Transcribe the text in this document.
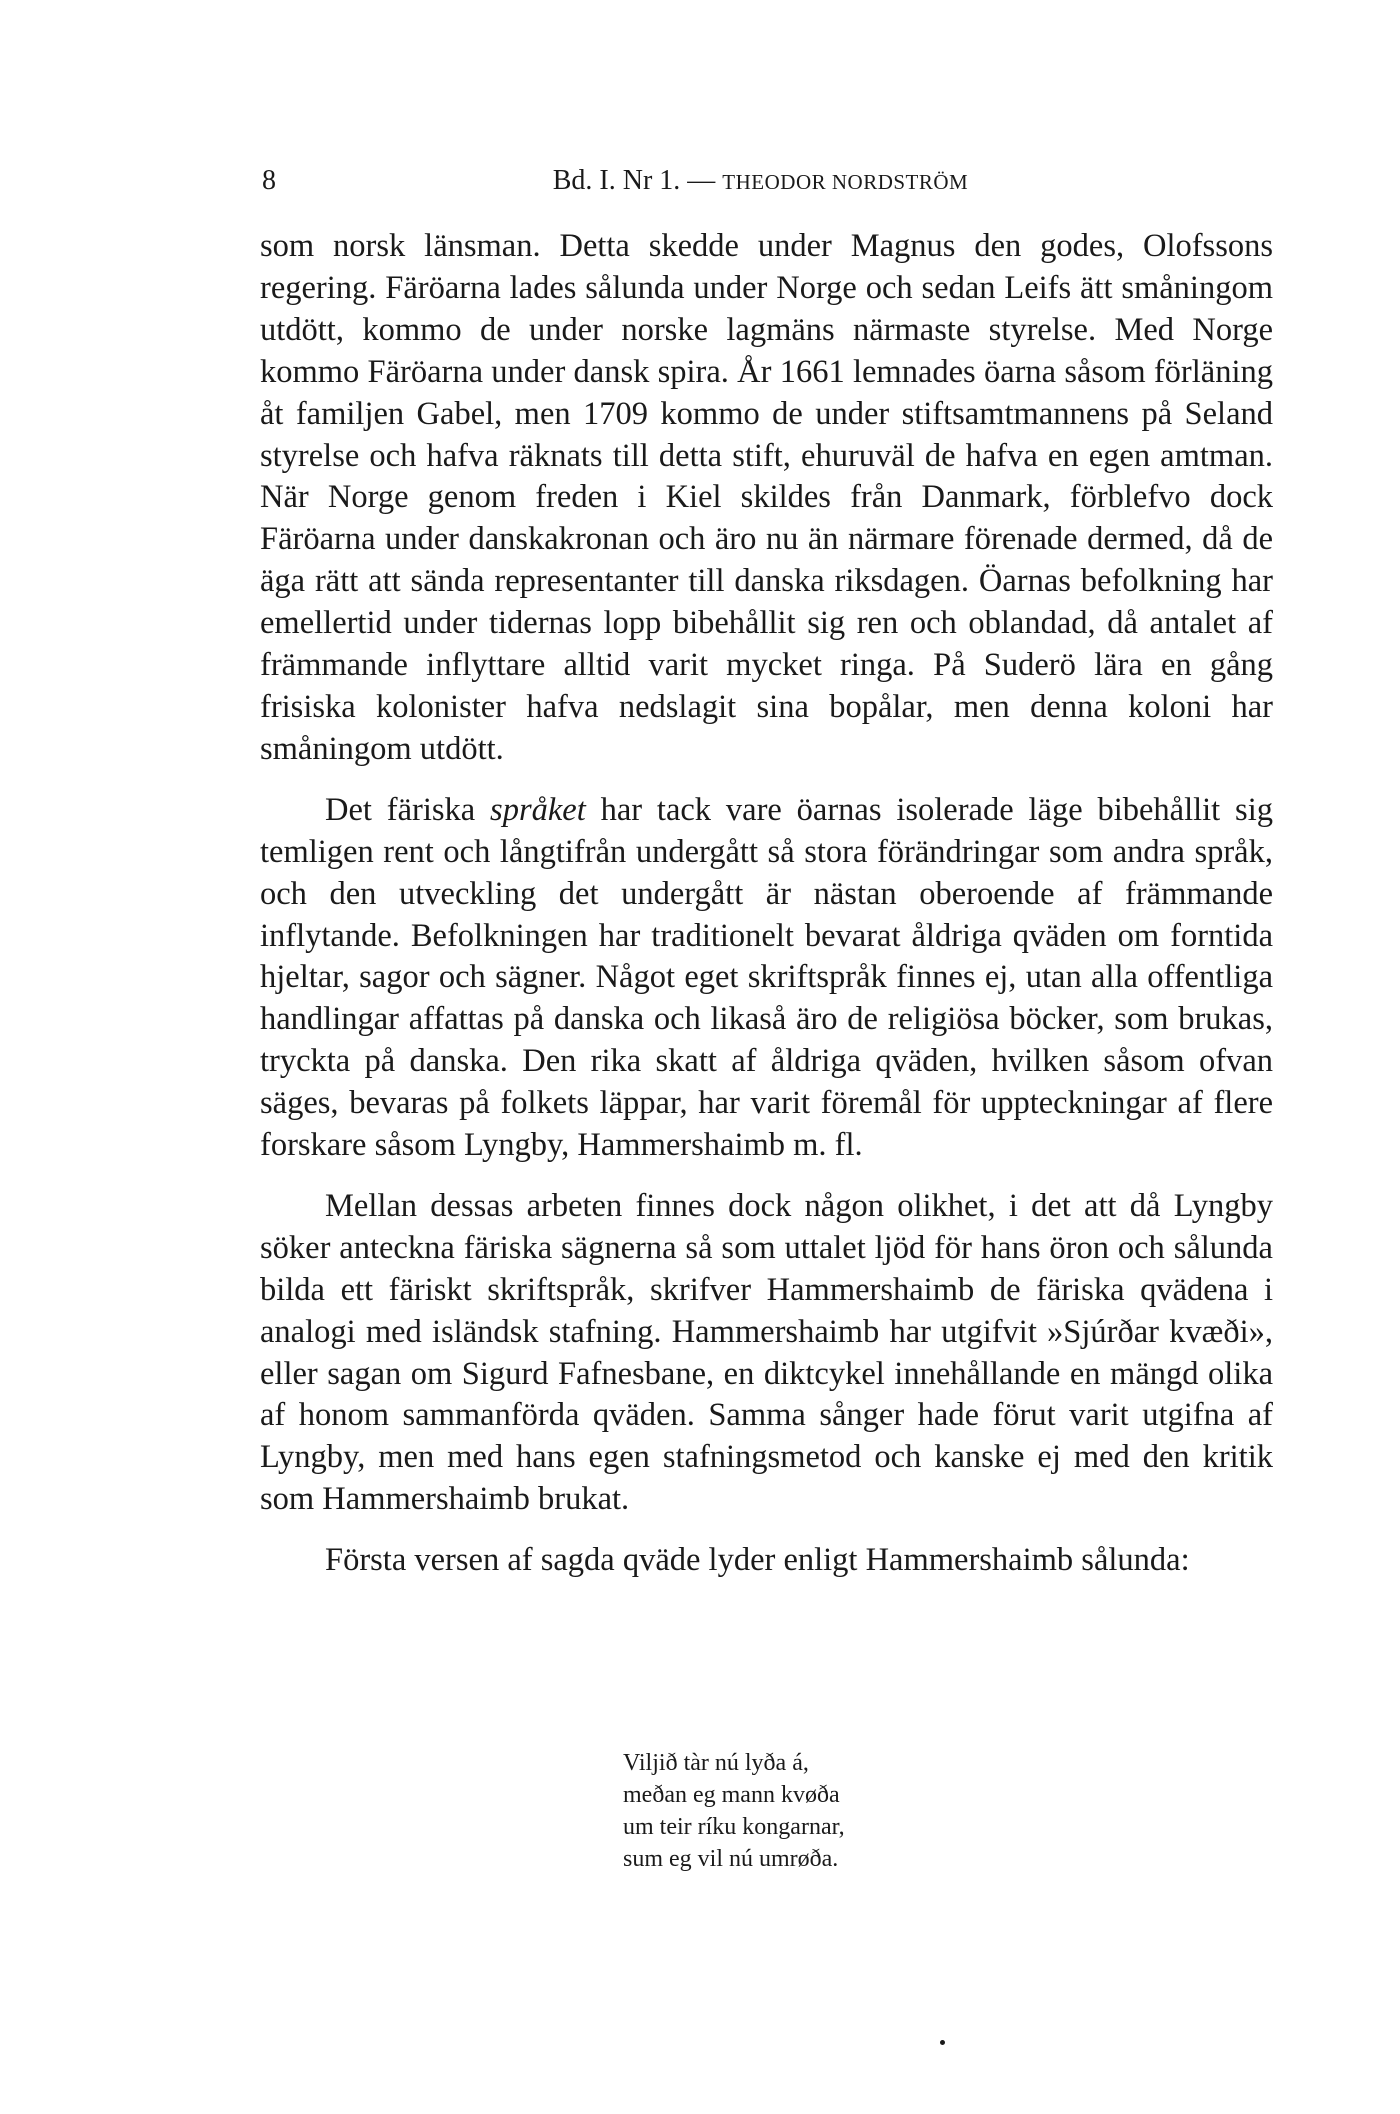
8	Bd. I. Nr 1. — THEODOR NORDSTRÖM

som norsk länsman. Detta skedde under Magnus den godes, Olofssons regering. Färöarna lades sålunda under Norge och sedan Leifs ätt småningom utdött, kommo de under norske lagmäns närmaste styrelse. Med Norge kommo Färöarna under dansk spira. År 1661 lemnades öarna såsom förläning åt familjen Gabel, men 1709 kommo de under stiftsamtmannens på Seland styrelse och hafva räknats till detta stift, ehuruväl de hafva en egen amtman. När Norge genom freden i Kiel skildes från Danmark, förblefvo dock Färöarna under danskakronan och äro nu än närmare förenade dermed, då de äga rätt att sända representanter till danska riksdagen. Öarnas befolkning har emellertid under tidernas lopp bibehållit sig ren och oblandad, då antalet af främmande inflyttare alltid varit mycket ringa. På Suderö lära en gång frisiska kolonister hafva nedslagit sina bopålar, men denna koloni har småningom utdött.

Det färiska språket har tack vare öarnas isolerade läge bibehållit sig temligen rent och långtifrån undergått så stora förändringar som andra språk, och den utveckling det undergått är nästan oberoende af främmande inflytande. Befolkningen har traditionelt bevarat åldriga qväden om forntida hjeltar, sagor och sägner. Något eget skriftspråk finnes ej, utan alla offentliga handlingar affattas på danska och likaså äro de religiösa böcker, som brukas, tryckta på danska. Den rika skatt af åldriga qväden, hvilken såsom ofvan säges, bevaras på folkets läppar, har varit föremål för uppteckningar af flere forskare såsom Lyngby, Hammershaimb m. fl.

Mellan dessas arbeten finnes dock någon olikhet, i det att då Lyngby söker anteckna färiska sägnerna så som uttalet ljöd för hans öron och sålunda bilda ett färiskt skriftspråk, skrifver Hammershaimb de färiska qvädena i analogi med isländsk stafning. Hammershaimb har utgifvit »Sjúrðar kvæði», eller sagan om Sigurd Fafnesbane, en diktcykel innehållande en mängd olika af honom sammanförda qväden. Samma sånger hade förut varit utgifna af Lyngby, men med hans egen stafningsmetod och kanske ej med den kritik som Hammershaimb brukat.

Första versen af sagda qväde lyder enligt Hammershaimb sålunda:

Viljið tàr nú lyða á,
meðan eg mann kvøða
um teir ríku kongarnar,
sum eg vil nú umrøða.
